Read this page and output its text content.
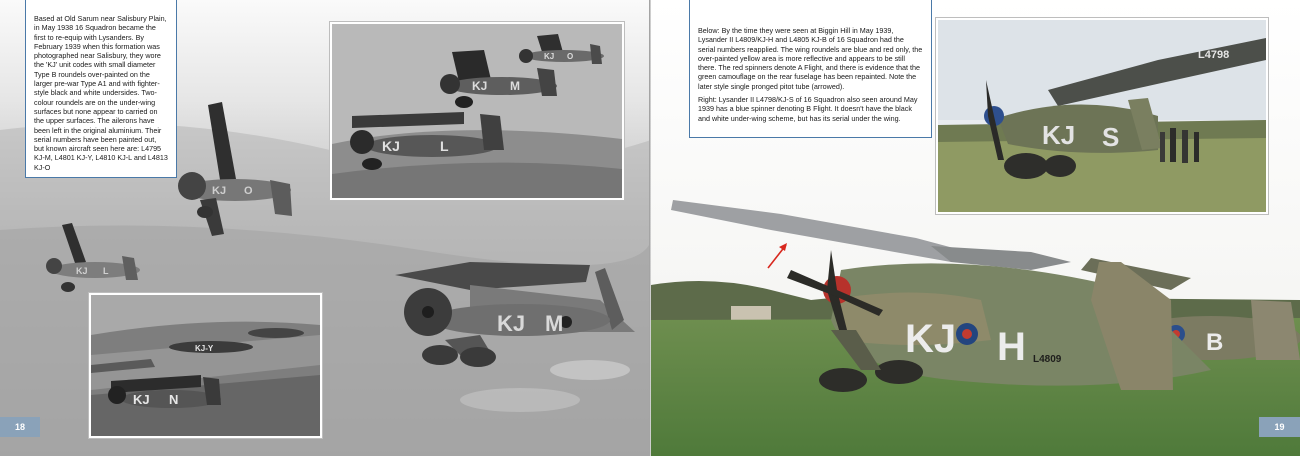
KJ M
KJ O
KJ L
KJ M
KJ O
KJ	L
KJ-Y
KJ N

Based at Old Sarum near Salisbury Plain, in May 1938 16 Squadron became the first to re-equip with Lysanders. By February 1939 when this formation was photographed near Salisbury, they wore the 'KJ' unit codes with small diameter Type B roundels over-painted on the larger pre-war Type A1 and with fighter-style black and white undersides. Two-colour roundels are on the under-wing surfaces but none appear to carried on the upper surfaces. The ailerons have been left in the original aluminium. Their serial numbers have been painted out, but known aircraft seen here are: L4795 KJ-M, L4801 KJ-Y, L4810 KJ-L and L4813 KJ-O

18
B
KJ H L4809
L4798
KJ S

Below: By the time they were seen at Biggin Hill in May 1939, Lysander II L4809/KJ-H and L4805 KJ-B of 16 Squadron had the serial numbers reapplied. The wing roundels are blue and red only, the over-painted yellow area is more reflective and appears to be still there. The red spinners denote A Flight, and there is evidence that the green camouflage on the rear fuselage has been repainted. Note the later style single pronged pitot tube (arrowed).

Right: Lysander II L4798/KJ-S of 16 Squadron also seen around May 1939 has a blue spinner denoting B Flight. It doesn't have the black and white under-wing scheme, but has its serial under the wing.

19
